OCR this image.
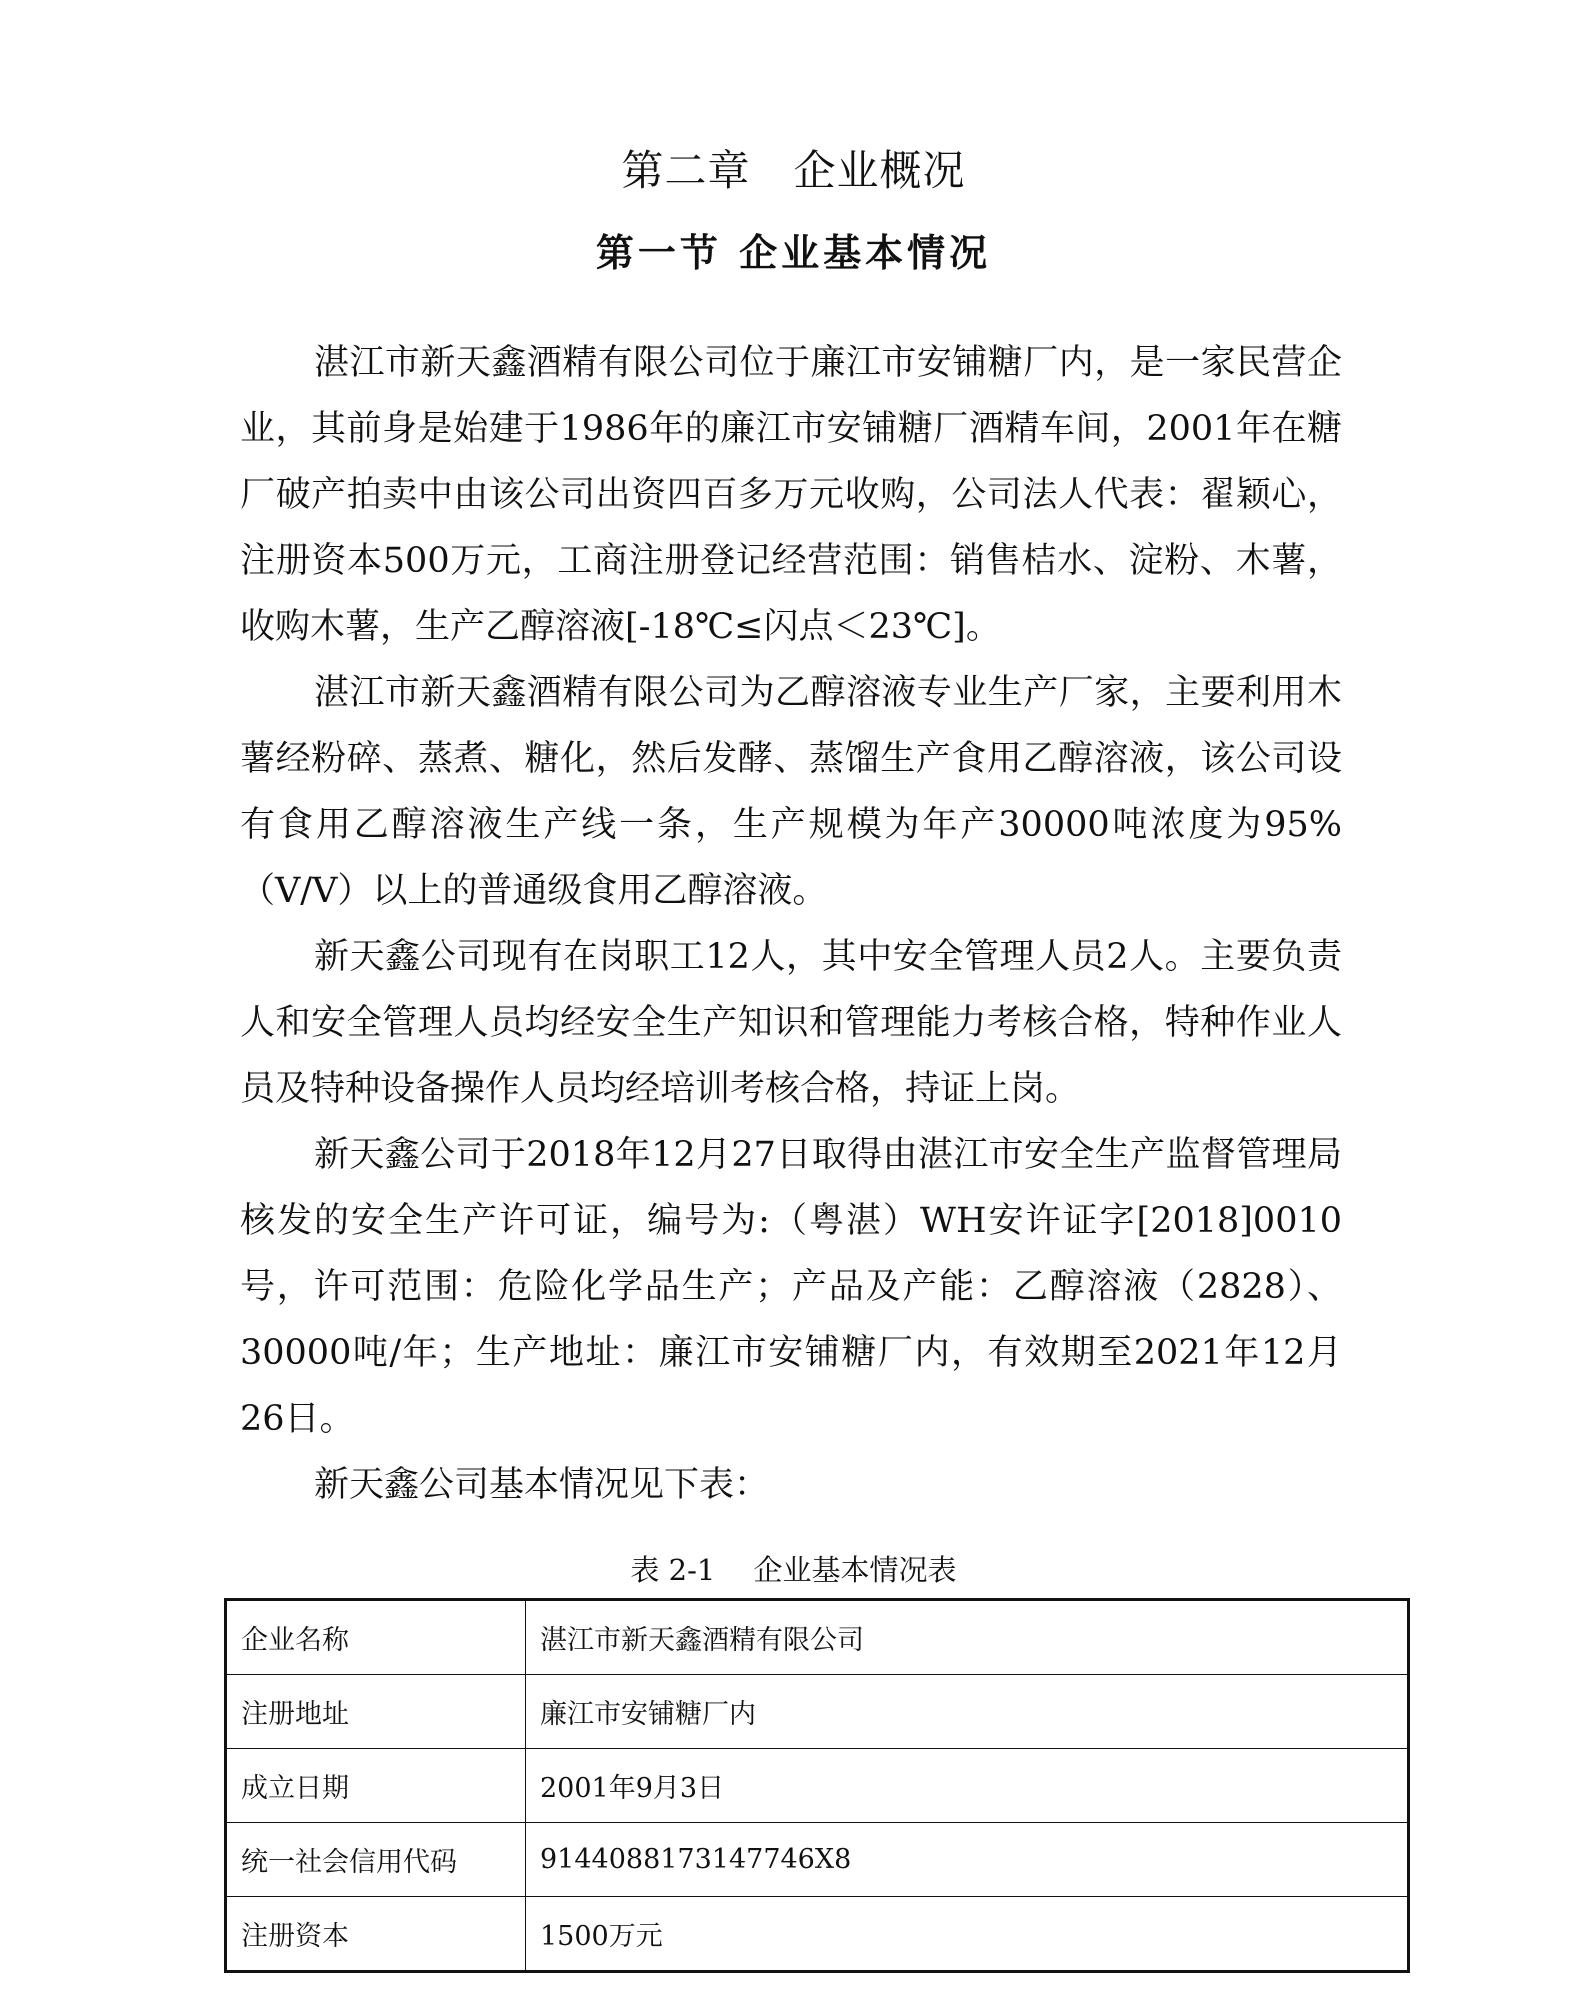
第二章　企业概况
第一节 企业基本情况

湛江市新天鑫酒精有限公司位于廉江市安铺糖厂内，是一家民营企业，其前身是始建于1986年的廉江市安铺糖厂酒精车间，2001年在糖厂破产拍卖中由该公司出资四百多万元收购，公司法人代表：翟颖心，注册资本500万元，工商注册登记经营范围：销售桔水、淀粉、木薯，收购木薯，生产乙醇溶液[-18℃≤闪点＜23℃]。

湛江市新天鑫酒精有限公司为乙醇溶液专业生产厂家，主要利用木薯经粉碎、蒸煮、糖化，然后发酵、蒸馏生产食用乙醇溶液，该公司设有食用乙醇溶液生产线一条，生产规模为年产30000吨浓度为95%（V/V）以上的普通级食用乙醇溶液。

新天鑫公司现有在岗职工12人，其中安全管理人员2人。主要负责人和安全管理人员均经安全生产知识和管理能力考核合格，特种作业人员及特种设备操作人员均经培训考核合格，持证上岗。

新天鑫公司于2018年12月27日取得由湛江市安全生产监督管理局核发的安全生产许可证，编号为:（粤湛）WH安许证字[2018]0010号，许可范围：危险化学品生产；产品及产能：乙醇溶液（2828）、30000吨/年；生产地址：廉江市安铺糖厂内，有效期至2021年12月26日。

新天鑫公司基本情况见下表：

表 2-1　 企业基本情况表
企业名称	湛江市新天鑫酒精有限公司
注册地址	廉江市安铺糖厂内
成立日期	2001年9月3日
统一社会信用代码	9144088173147746X8
注册资本	1500万元
